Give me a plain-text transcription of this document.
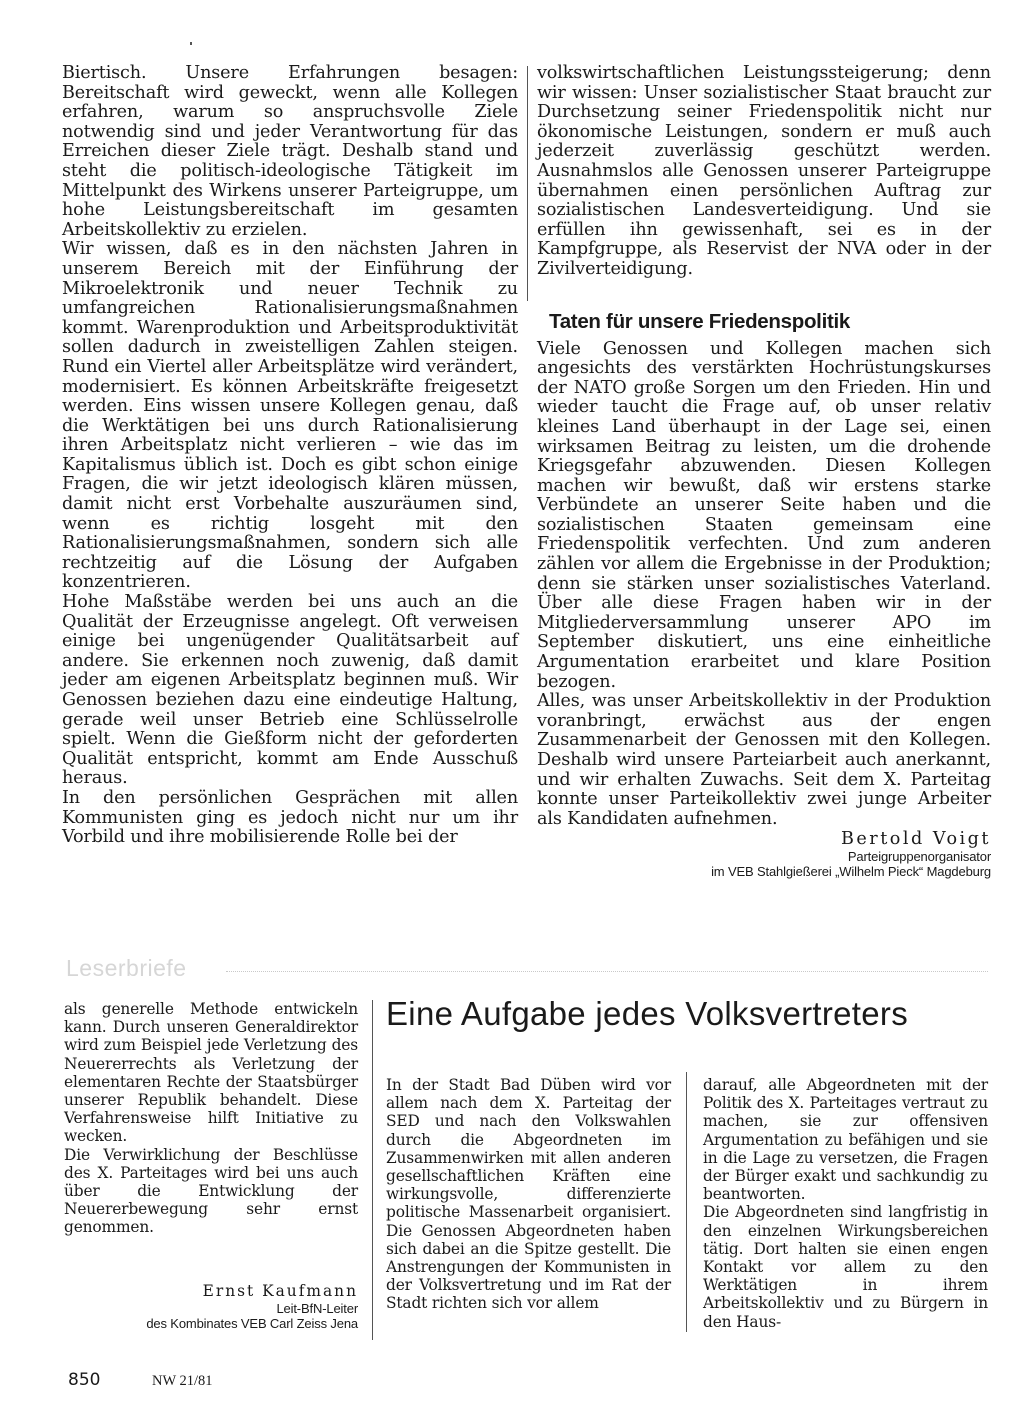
Biertisch. Unsere Erfahrungen besagen: Bereitschaft wird geweckt, wenn alle Kollegen erfahren, warum so anspruchsvolle Ziele notwendig sind und jeder Verantwortung für das Erreichen dieser Ziele trägt. Deshalb stand und steht die politisch-ideologische Tätigkeit im Mittelpunkt des Wirkens unserer Parteigruppe, um hohe Leistungsbereitschaft im gesamten Arbeitskollektiv zu erzielen.

Wir wissen, daß es in den nächsten Jahren in unserem Bereich mit der Einführung der Mikroelektronik und neuer Technik zu umfangreichen Rationalisierungsmaßnahmen kommt. Warenproduktion und Arbeitsproduktivität sollen dadurch in zweistelligen Zahlen steigen. Rund ein Viertel aller Arbeitsplätze wird verändert, modernisiert. Es können Arbeitskräfte freigesetzt werden. Eins wissen unsere Kollegen genau, daß die Werktätigen bei uns durch Rationalisierung ihren Arbeitsplatz nicht verlieren – wie das im Kapitalismus üblich ist. Doch es gibt schon einige Fragen, die wir jetzt ideologisch klären müssen, damit nicht erst Vorbehalte auszuräumen sind, wenn es richtig losgeht mit den Rationalisierungsmaßnahmen, sondern sich alle rechtzeitig auf die Lösung der Aufgaben konzentrieren.

Hohe Maßstäbe werden bei uns auch an die Qualität der Erzeugnisse angelegt. Oft verweisen einige bei ungenügender Qualitätsarbeit auf andere. Sie erkennen noch zuwenig, daß damit jeder am eigenen Arbeitsplatz beginnen muß. Wir Genossen beziehen dazu eine eindeutige Haltung, gerade weil unser Betrieb eine Schlüsselrolle spielt. Wenn die Gießform nicht der geforderten Qualität entspricht, kommt am Ende Ausschuß heraus.

In den persönlichen Gesprächen mit allen Kommunisten ging es jedoch nicht nur um ihr Vorbild und ihre mobilisierende Rolle bei der

volkswirtschaftlichen Leistungssteigerung; denn wir wissen: Unser sozialistischer Staat braucht zur Durchsetzung seiner Friedenspolitik nicht nur ökonomische Leistungen, sondern er muß auch jederzeit zuverlässig geschützt werden. Ausnahmslos alle Genossen unserer Parteigruppe übernahmen einen persönlichen Auftrag zur sozialistischen Landesverteidigung. Und sie erfüllen ihn gewissenhaft, sei es in der Kampfgruppe, als Reservist der NVA oder in der Zivilverteidigung.

Taten für unsere Friedenspolitik

Viele Genossen und Kollegen machen sich angesichts des verstärkten Hochrüstungskurses der NATO große Sorgen um den Frieden. Hin und wieder taucht die Frage auf, ob unser relativ kleines Land überhaupt in der Lage sei, einen wirksamen Beitrag zu leisten, um die drohende Kriegsgefahr abzuwenden. Diesen Kollegen machen wir bewußt, daß wir erstens starke Verbündete an unserer Seite haben und die sozialistischen Staaten gemeinsam eine Friedenspolitik verfechten. Und zum anderen zählen vor allem die Ergebnisse in der Produktion; denn sie stärken unser sozialistisches Vaterland. Über alle diese Fragen haben wir in der Mitgliederversammlung unserer APO im September diskutiert, uns eine einheitliche Argumentation erarbeitet und klare Position bezogen.

Alles, was unser Arbeitskollektiv in der Produktion voranbringt, erwächst aus der engen Zusammenarbeit der Genossen mit den Kollegen. Deshalb wird unsere Parteiarbeit auch anerkannt, und wir erhalten Zuwachs. Seit dem X. Parteitag konnte unser Parteikollektiv zwei junge Arbeiter als Kandidaten aufnehmen.

Bertold Voigt
Parteigruppenorganisator
im VEB Stahlgießerei „Wilhelm Pieck“ Magdeburg
Leserbriefe

als generelle Methode entwickeln kann. Durch unseren Generaldirektor wird zum Beispiel jede Verletzung des Neuererrechts als Verletzung der elementaren Rechte der Staatsbürger unserer Republik behandelt. Diese Verfahrensweise hilft Initiative zu wecken.

Die Verwirklichung der Beschlüsse des X. Parteitages wird bei uns auch über die Entwicklung der Neuererbewegung sehr ernst genommen.

Ernst Kaufmann
Leit-BfN-Leiter
des Kombinates VEB Carl Zeiss Jena
Eine Aufgabe jedes Volksvertreters

In der Stadt Bad Düben wird vor allem nach dem X. Parteitag der SED und nach den Volkswahlen durch die Abgeordneten im Zusammenwirken mit allen anderen gesellschaftlichen Kräften eine wirkungsvolle, differenzierte politische Massenarbeit organisiert. Die Genossen Abgeordneten haben sich dabei an die Spitze gestellt. Die Anstrengungen der Kommunisten in der Volksvertretung und im Rat der Stadt richten sich vor allem

darauf, alle Abgeordneten mit der Politik des X. Parteitages vertraut zu machen, sie zur offensiven Argumentation zu befähigen und sie in die Lage zu versetzen, die Fragen der Bürger exakt und sachkundig zu beantworten.

Die Abgeordneten sind langfristig in den einzelnen Wirkungsbereichen tätig. Dort halten sie einen engen Kontakt vor allem zu den Werktätigen in ihrem Arbeitskollektiv und zu Bürgern in den Haus-

850	NW 21/81
